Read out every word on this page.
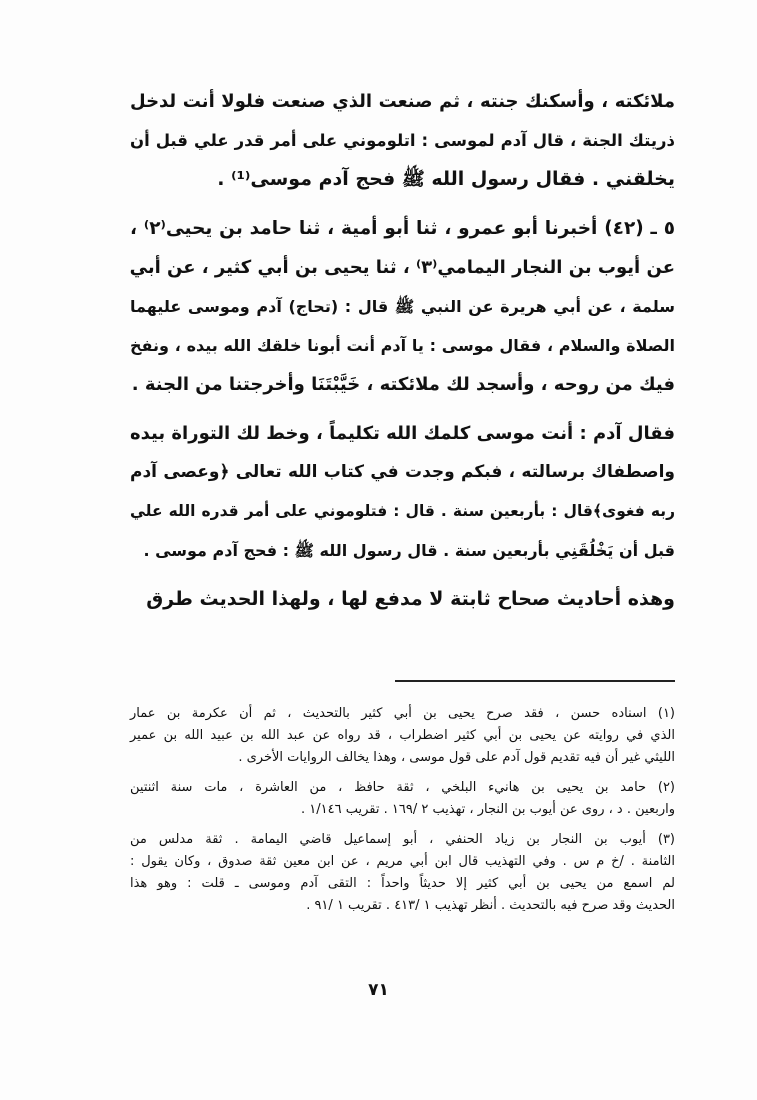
ملائكته ، وأسكنك جنته ، ثم صنعت الذي صنعت فلولا أنت لدخل
ذريتك الجنة ، قال آدم لموسى : اتلوموني على أمر قدر علي قبل أن
يخلقني . فقال رسول الله ﷺ فحج آدم موسى⁽¹⁾ .
٥ ـ (٤٢) أخبرنا أبو عمرو ، ثنا أبو أمية ، ثنا حامد بن يحيى⁽٢⁾ ،
عن أيوب بن النجار اليمامي⁽٣⁾ ، ثنا يحيى بن أبي كثير ، عن أبي
سلمة ، عن أبي هريرة عن النبي ﷺ قال : (تحاج) آدم وموسى عليهما
الصلاة والسلام ، فقال موسى : يا آدم أنت أبونا خلقك الله بيده ، ونفخ
فيك من روحه ، وأسجد لك ملائكته ، خَيَّبْتَنَا وأخرجتنا من الجنة .
فقال آدم : أنت موسى كلمك الله تكليماً ، وخط لك التوراة بيده
واصطفاك برسالته ، فبكم وجدت في كتاب الله تعالى ﴿وعصى آدم
ربه فغوى﴾قال : بأربعين سنة . قال : فتلوموني على أمر قدره الله علي
قبل أن يَخْلُقَنِي بأربعين سنة . قال رسول الله ﷺ : فحج آدم موسى .
وهذه أحاديث صحاح ثابتة لا مدفع لها ، ولهذا الحديث طرق
(١) اسناده حسن ، فقد صرح يحيى بن أبي كثير بالتحديث ، ثم أن عكرمة بن عمار
الذي في روايته عن يحيى بن أبي كثير اضطراب ، قد رواه عن عبد الله بن عبيد الله بن عمير
الليثي غير أن فيه تقديم قول آدم على قول موسى ، وهذا يخالف الروايات الأخرى .
(٢) حامد بن يحيى بن هانيء البلخي ، ثقة حافظ ، من العاشرة ، مات سنة اثنتين
واربعين . د ، روى عن أيوب بن النجار ، تهذيب ٢ /١٦٩ . تقريب ١/١٤٦ .
(٣) أيوب بن النجار بن زياد الحنفي ، أبو إسماعيل قاضي اليمامة . ثقة مدلس من
الثامنة . /خ م س . وفي التهذيب قال ابن أبي مريم ، عن ابن معين ثقة صدوق ، وكان يقول :
لم اسمع من يحيى بن أبي كثير إلا حديثاً واحداً : التقى آدم وموسى ـ قلت : وهو هذا
الحديث وقد صرح فيه بالتحديث . أنظر تهذيب ١ /٤١٣ . تقريب ١ /٩١ .
٧١
